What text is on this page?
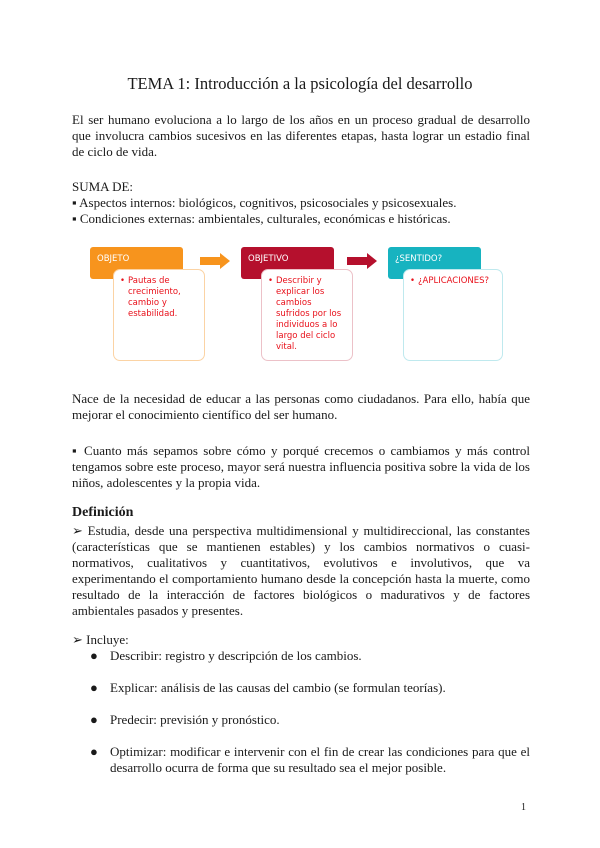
TEMA 1: Introducción a la psicología del desarrollo
El ser humano evoluciona a lo largo de los años en un proceso gradual de desarrollo que involucra cambios sucesivos en las diferentes etapas, hasta lograr un estadio final de ciclo de vida.
SUMA DE:
▪ Aspectos internos: biológicos, cognitivos, psicosociales y psicosexuales.
▪ Condiciones externas: ambientales, culturales, económicas e históricas.
OBJETO
• Pautas de crecimiento, cambio y estabilidad.
OBJETIVO
• Describir y explicar los cambios sufridos por los individuos a lo largo del ciclo vital.
¿SENTIDO?
• ¿APLICACIONES?
Nace de la necesidad de educar a las personas como ciudadanos. Para ello, había que mejorar el conocimiento científico del ser humano.
▪ Cuanto más sepamos sobre cómo y porqué crecemos o cambiamos y más control tengamos sobre este proceso, mayor será nuestra influencia positiva sobre la vida de los niños, adolescentes y la propia vida.
Definición
➢ Estudia, desde una perspectiva multidimensional y multidireccional, las constantes (características que se mantienen estables) y los cambios normativos o cuasi-normativos, cualitativos y cuantitativos, evolutivos e involutivos, que va experimentando el comportamiento humano desde la concepción hasta la muerte, como resultado de la interacción de factores biológicos o madurativos y de factores ambientales pasados y presentes.
➢ Incluye:

● Describir: registro y descripción de los cambios.

● Explicar: análisis de las causas del cambio (se formulan teorías).

● Predecir: previsión y pronóstico.

● Optimizar: modificar e intervenir con el fin de crear las condiciones para que el desarrollo ocurra de forma que su resultado sea el mejor posible.

1
